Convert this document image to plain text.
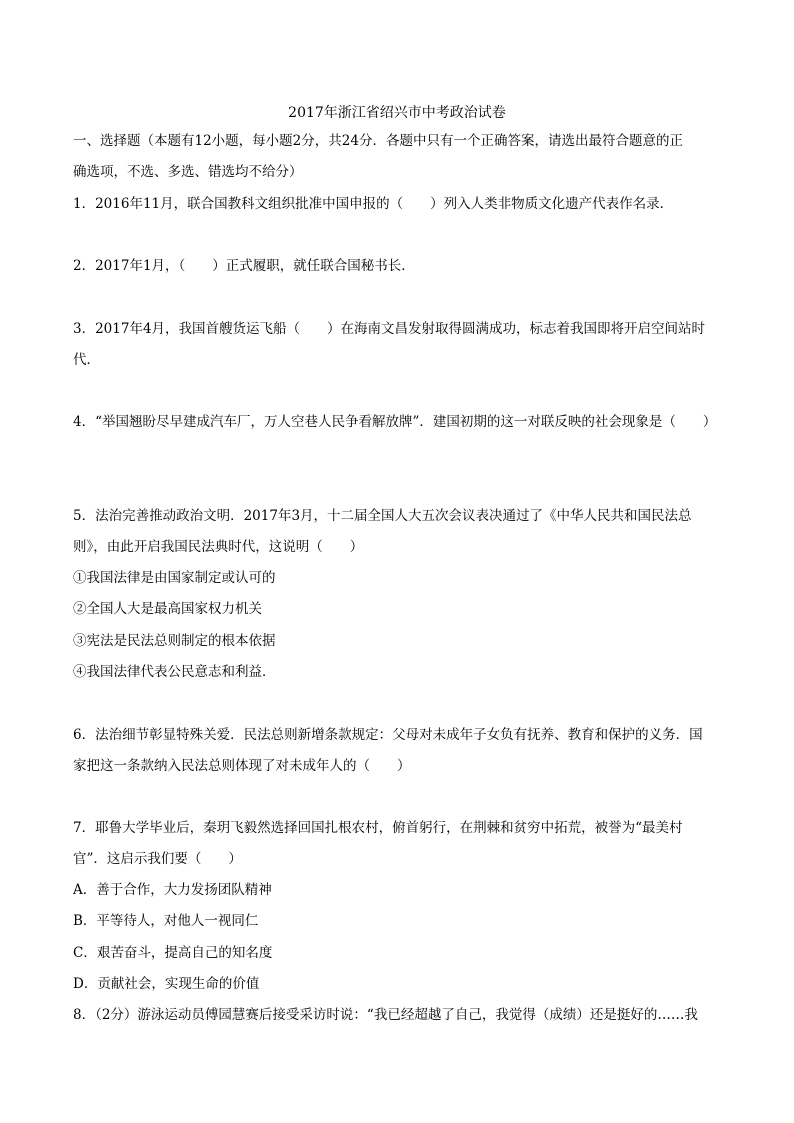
2017年浙江省绍兴市中考政治试卷
一、选择题（本题有12小题，每小题2分，共24分．各题中只有一个正确答案，请选出最符合题意的正
确选项，不选、多选、错选均不给分）
1．2016年11月，联合国教科文组织批准中国申报的（　　）列入人类非物质文化遗产代表作名录．
2．2017年1月，（　　）正式履职，就任联合国秘书长．
3．2017年4月，我国首艘货运飞船（　　）在海南文昌发射取得圆满成功，标志着我国即将开启空间站时
代．
4．“举国翘盼尽早建成汽车厂，万人空巷人民争看解放牌”．建国初期的这一对联反映的社会现象是（　　）
5．法治完善推动政治文明．2017年3月，十二届全国人大五次会议表决通过了《中华人民共和国民法总
则》，由此开启我国民法典时代，这说明（　　）
①我国法律是由国家制定或认可的
②全国人大是最高国家权力机关
③宪法是民法总则制定的根本依据
④我国法律代表公民意志和利益．
6．法治细节彰显特殊关爱．民法总则新增条款规定：父母对未成年子女负有抚养、教育和保护的义务．国
家把这一条款纳入民法总则体现了对未成年人的（　　）
7．耶鲁大学毕业后，秦玥飞毅然选择回国扎根农村，俯首躬行，在荆棘和贫穷中拓荒，被誉为“最美村
官”．这启示我们要（　　）
A．善于合作，大力发扬团队精神
B．平等待人，对他人一视同仁
C．艰苦奋斗，提高自己的知名度
D．贡献社会，实现生命的价值
8．（2分）游泳运动员傅园慧赛后接受采访时说：“我已经超越了自己，我觉得（成绩）还是挺好的……我
